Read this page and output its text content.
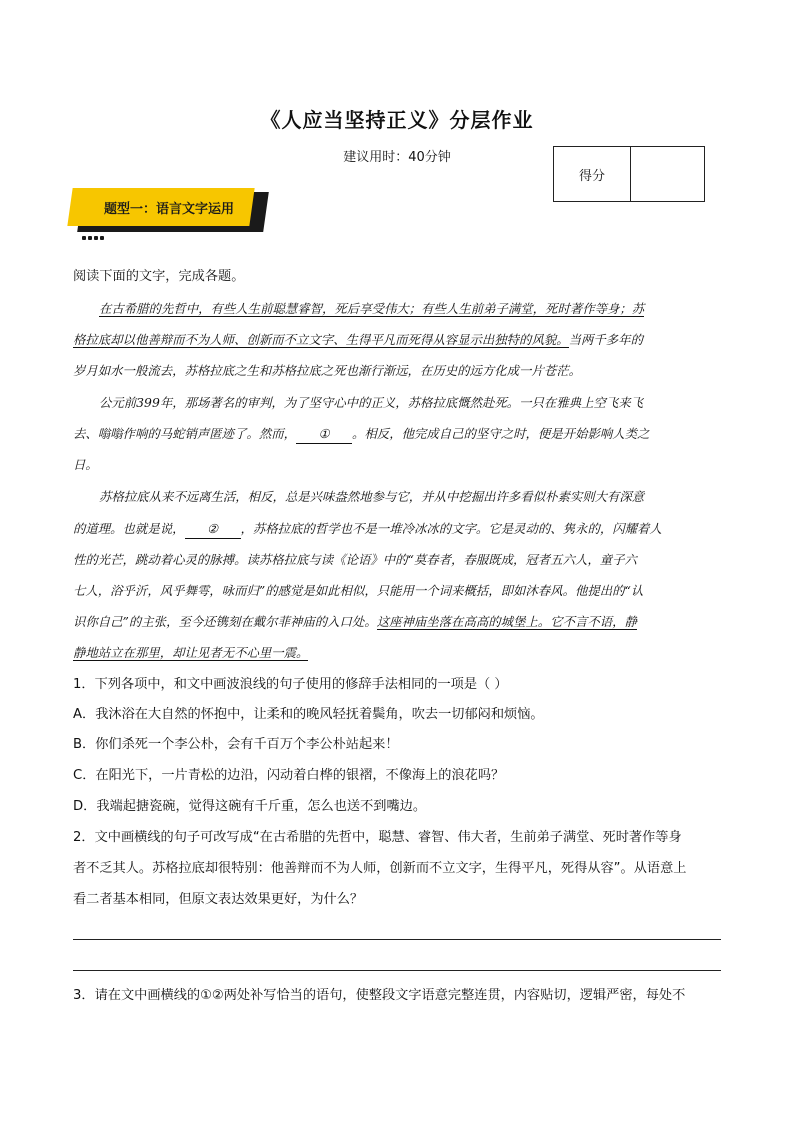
《人应当坚持正义》分层作业
建议用时：40分钟
得分
题型一：语言文字运用
阅读下面的文字，完成各题。
在古希腊的先哲中，有些人生前聪慧睿智，死后享受伟大；有些人生前弟子满堂，死时著作等身；苏
格拉底却以他善辩而不为人师、创新而不立文字、生得平凡而死得从容显示出独特的风貌。当两千多年的
岁月如水一般流去，苏格拉底之生和苏格拉底之死也渐行渐远，在历史的远方化成一片苍茫。
公元前399年，那场著名的审判，为了坚守心中的正义，苏格拉底慨然赴死。一只在雅典上空飞来飞
去、嗡嗡作响的马蛇销声匿迹了。然而， ① 。相反，他完成自己的坚守之时，便是开始影响人类之
日。
苏格拉底从来不远离生活，相反，总是兴味盎然地参与它，并从中挖掘出许多看似朴素实则大有深意
的道理。也就是说， ② ，苏格拉底的哲学也不是一堆冷冰冰的文字。它是灵动的、隽永的，闪耀着人
性的光芒，跳动着心灵的脉搏。读苏格拉底与读《论语》中的“莫春者，春服既成，冠者五六人，童子六
七人，浴乎沂，风乎舞雩，咏而归”的感觉是如此相似，只能用一个词来概括，即如沐春风。他提出的“认
识你自己”的主张，至今还镌刻在戴尔菲神庙的入口处。这座神庙坐落在高高的城堡上。它不言不语，静
静地站立在那里，却让见者无不心里一震。
1．下列各项中，和文中画波浪线的句子使用的修辞手法相同的一项是（ ）
A．我沐浴在大自然的怀抱中，让柔和的晚风轻抚着鬓角，吹去一切郁闷和烦恼。
B．你们杀死一个李公朴，会有千百万个李公朴站起来！
C．在阳光下，一片青松的边沿，闪动着白桦的银褶，不像海上的浪花吗？
D．我端起搪瓷碗，觉得这碗有千斤重，怎么也送不到嘴边。
2．文中画横线的句子可改写成“在古希腊的先哲中，聪慧、睿智、伟大者，生前弟子满堂、死时著作等身
者不乏其人。苏格拉底却很特别：他善辩而不为人师，创新而不立文字，生得平凡，死得从容”。从语意上
看二者基本相同，但原文表达效果更好，为什么？
3．请在文中画横线的①②两处补写恰当的语句，使整段文字语意完整连贯，内容贴切，逻辑严密，每处不
